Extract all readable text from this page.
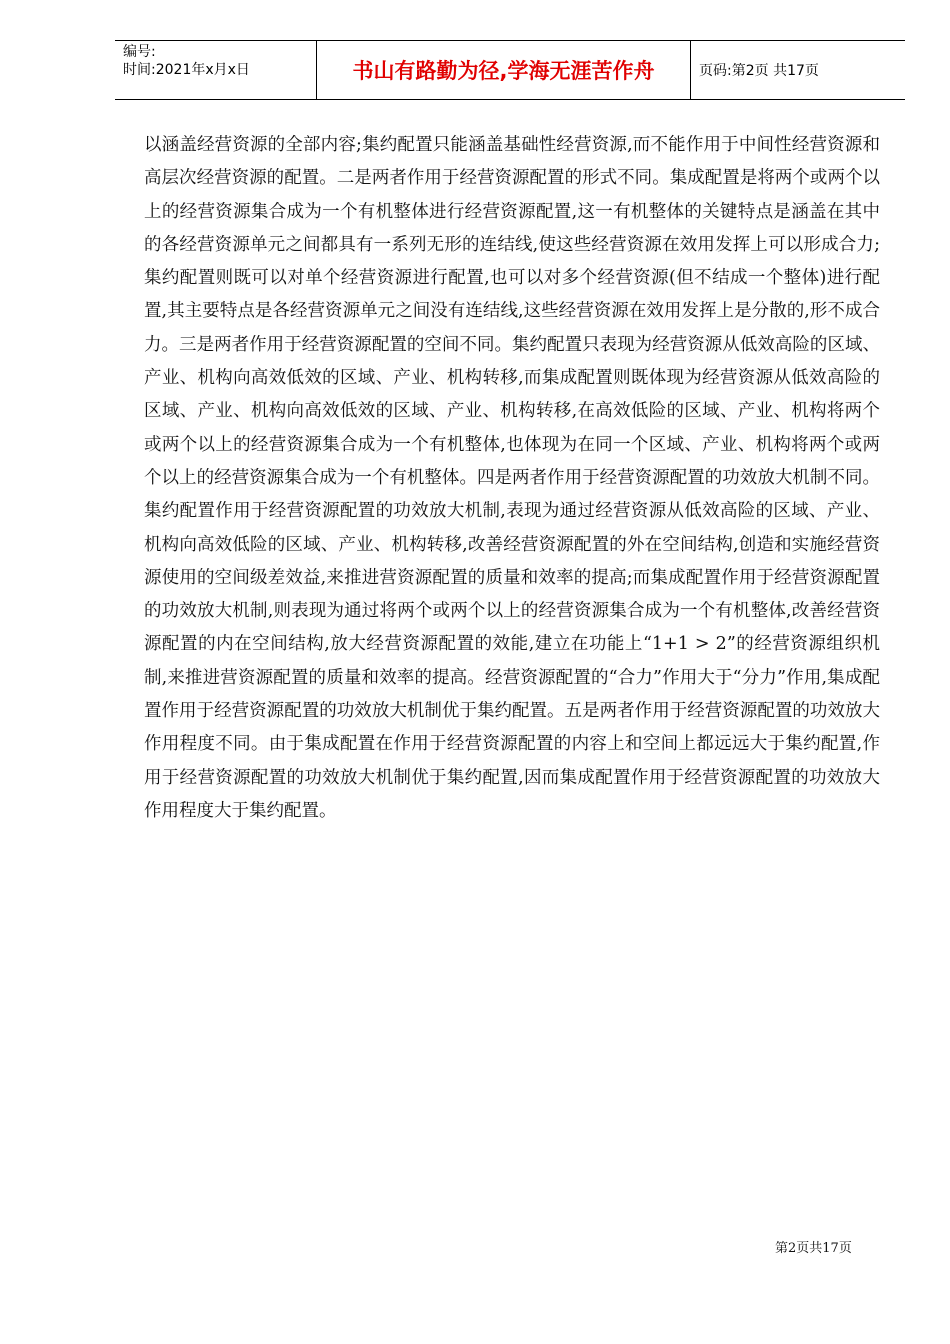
编号:
时间:2021年x月x日	书山有路勤为径,学海无涯苦作舟	页码:第2页 共17页

以涵盖经营资源的全部内容;集约配置只能涵盖基础性经营资源,而不能作用于中间性经营资源和高层次经营资源的配置。二是两者作用于经营资源配置的形式不同。集成配置是将两个或两个以上的经营资源集合成为一个有机整体进行经营资源配置,这一有机整体的关键特点是涵盖在其中的各经营资源单元之间都具有一系列无形的连结线,使这些经营资源在效用发挥上可以形成合力;集约配置则既可以对单个经营资源进行配置,也可以对多个经营资源(但不结成一个整体)进行配置,其主要特点是各经营资源单元之间没有连结线,这些经营资源在效用发挥上是分散的,形不成合力。三是两者作用于经营资源配置的空间不同。集约配置只表现为经营资源从低效高险的区域、产业、机构向高效低效的区域、产业、机构转移,而集成配置则既体现为经营资源从低效高险的区域、产业、机构向高效低效的区域、产业、机构转移,在高效低险的区域、产业、机构将两个或两个以上的经营资源集合成为一个有机整体,也体现为在同一个区域、产业、机构将两个或两个以上的经营资源集合成为一个有机整体。四是两者作用于经营资源配置的功效放大机制不同。集约配置作用于经营资源配置的功效放大机制,表现为通过经营资源从低效高险的区域、产业、机构向高效低险的区域、产业、机构转移,改善经营资源配置的外在空间结构,创造和实施经营资源使用的空间级差效益,来推进营资源配置的质量和效率的提高;而集成配置作用于经营资源配置的功效放大机制,则表现为通过将两个或两个以上的经营资源集合成为一个有机整体,改善经营资源配置的内在空间结构,放大经营资源配置的效能,建立在功能上“1+1 > 2”的经营资源组织机制,来推进营资源配置的质量和效率的提高。经营资源配置的“合力”作用大于“分力”作用,集成配置作用于经营资源配置的功效放大机制优于集约配置。五是两者作用于经营资源配置的功效放大作用程度不同。由于集成配置在作用于经营资源配置的内容上和空间上都远远大于集约配置,作用于经营资源配置的功效放大机制优于集约配置,因而集成配置作用于经营资源配置的功效放大作用程度大于集约配置。

第2页共17页
